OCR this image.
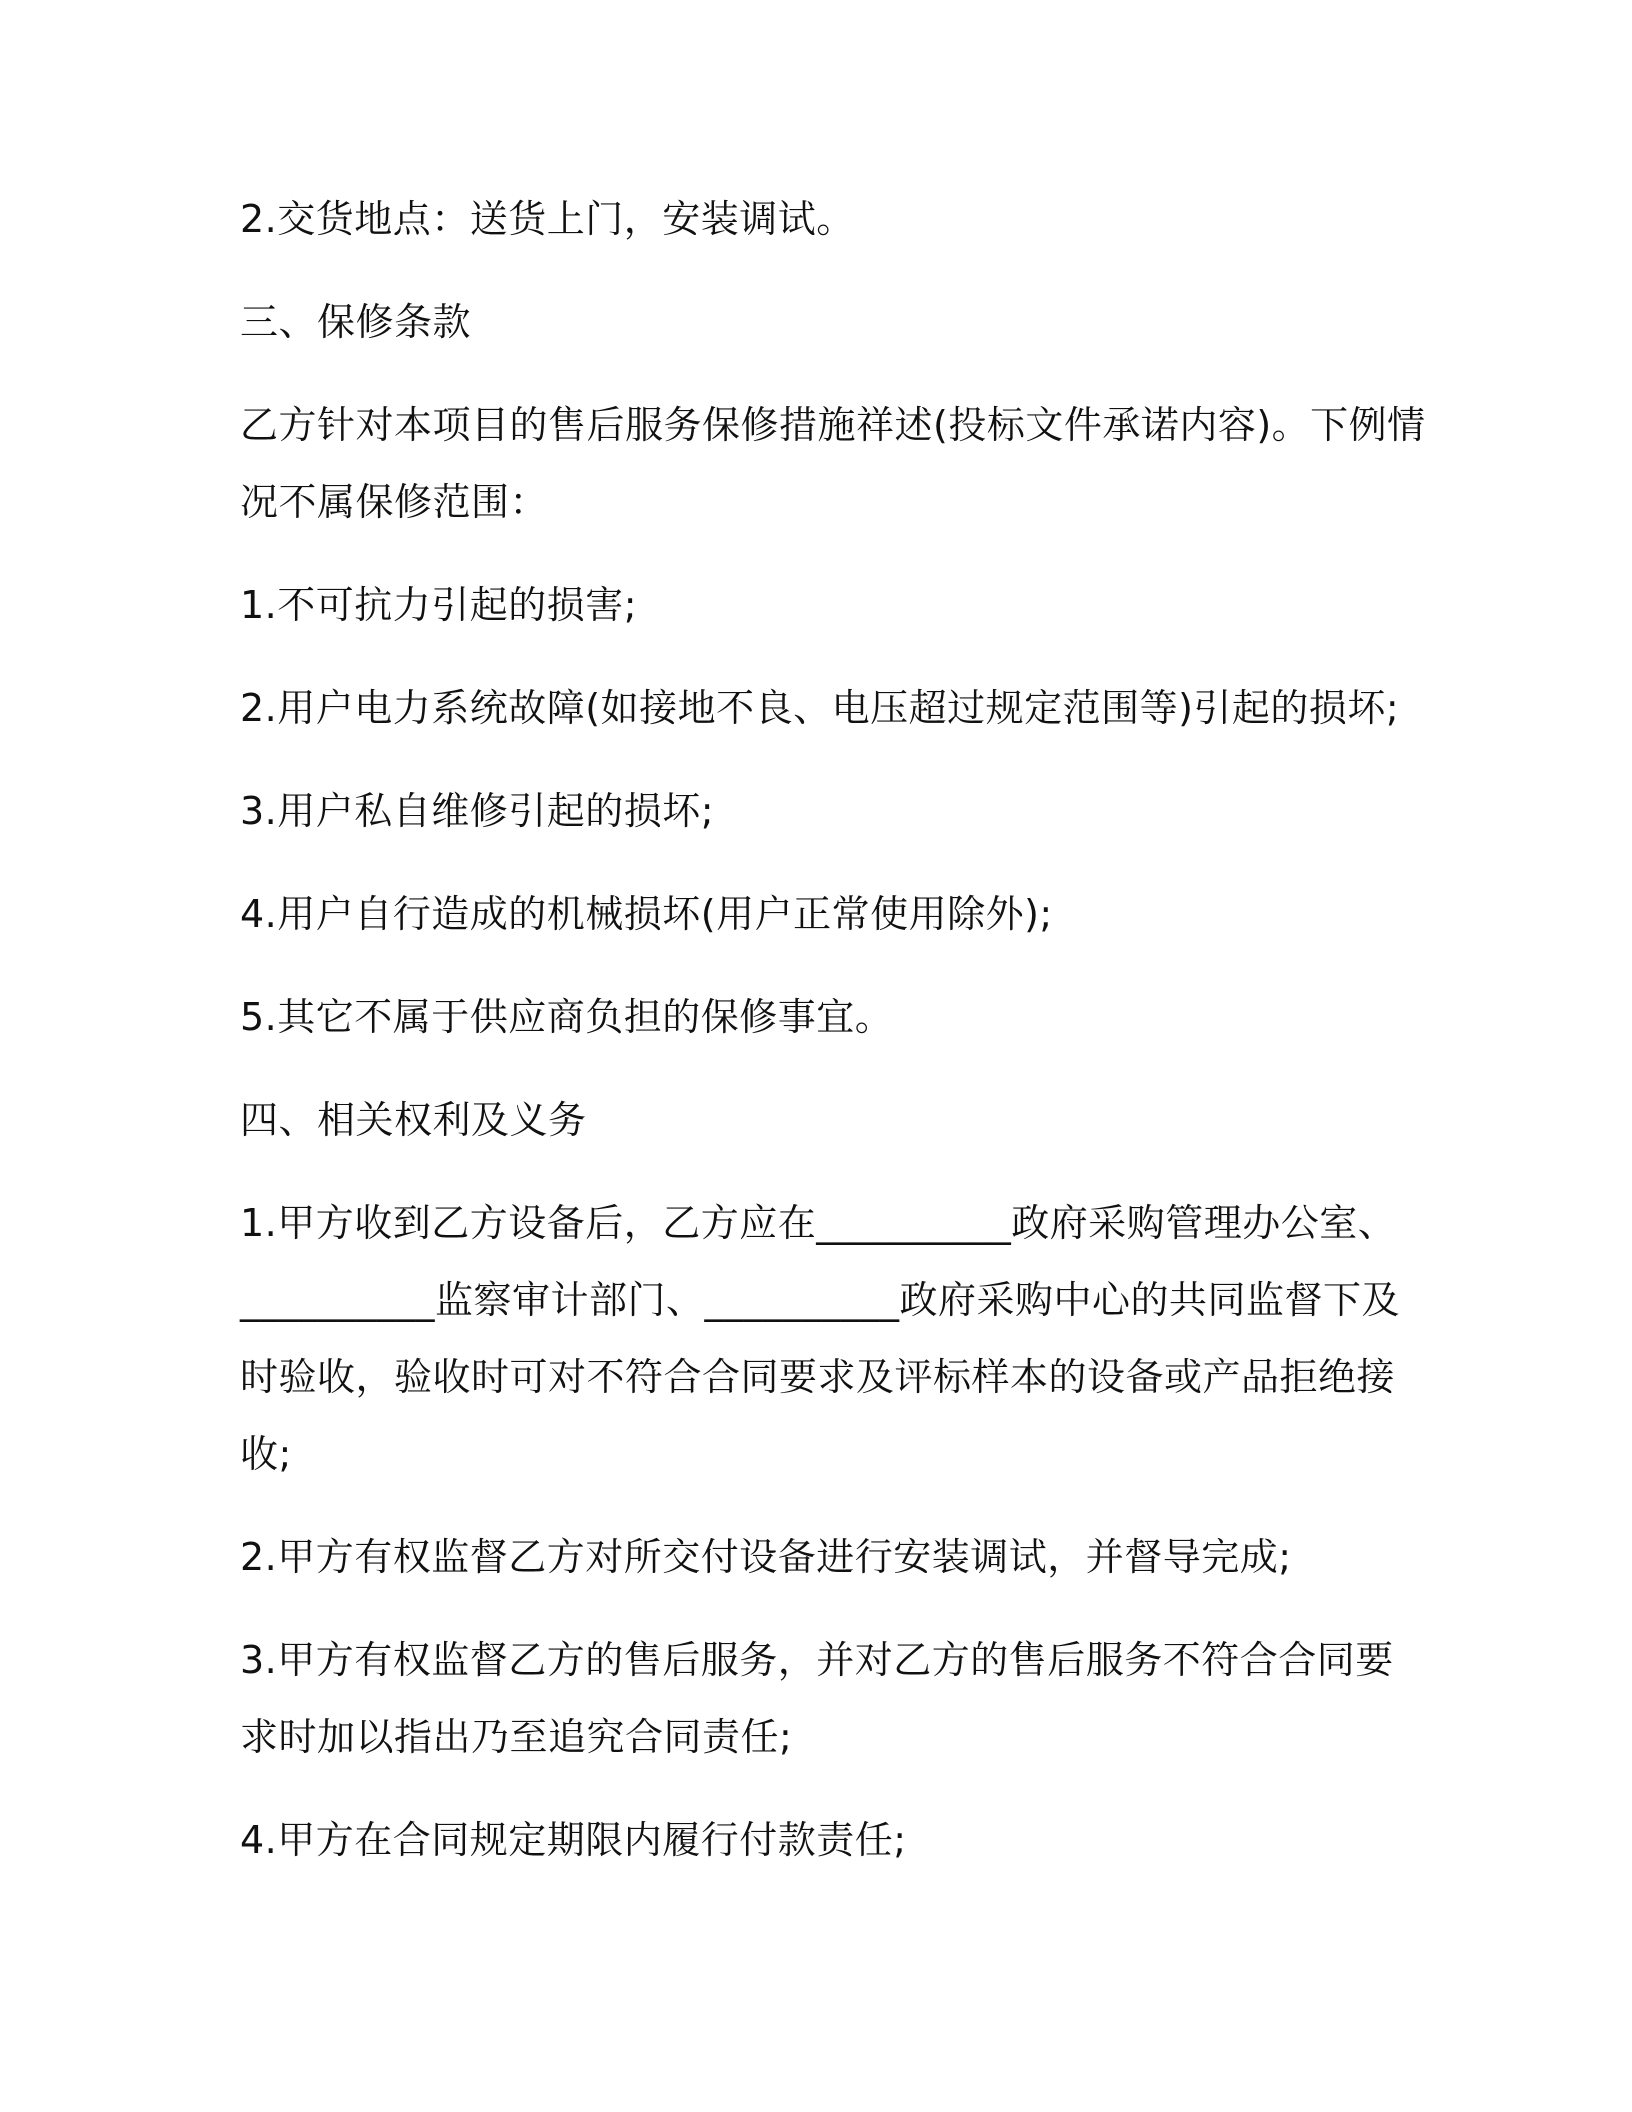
2.交货地点：送货上门，安装调试。
三、保修条款
乙方针对本项目的售后服务保修措施祥述(投标文件承诺内容)。下例情
况不属保修范围：
1.不可抗力引起的损害;
2.用户电力系统故障(如接地不良、电压超过规定范围等)引起的损坏;
3.用户私自维修引起的损坏;
4.用户自行造成的机械损坏(用户正常使用除外);
5.其它不属于供应商负担的保修事宜。
四、相关权利及义务
1.甲方收到乙方设备后，乙方应在__________政府采购管理办公室、
__________监察审计部门、__________政府采购中心的共同监督下及
时验收，验收时可对不符合合同要求及评标样本的设备或产品拒绝接
收;
2.甲方有权监督乙方对所交付设备进行安装调试，并督导完成;
3.甲方有权监督乙方的售后服务，并对乙方的售后服务不符合合同要
求时加以指出乃至追究合同责任;
4.甲方在合同规定期限内履行付款责任;
